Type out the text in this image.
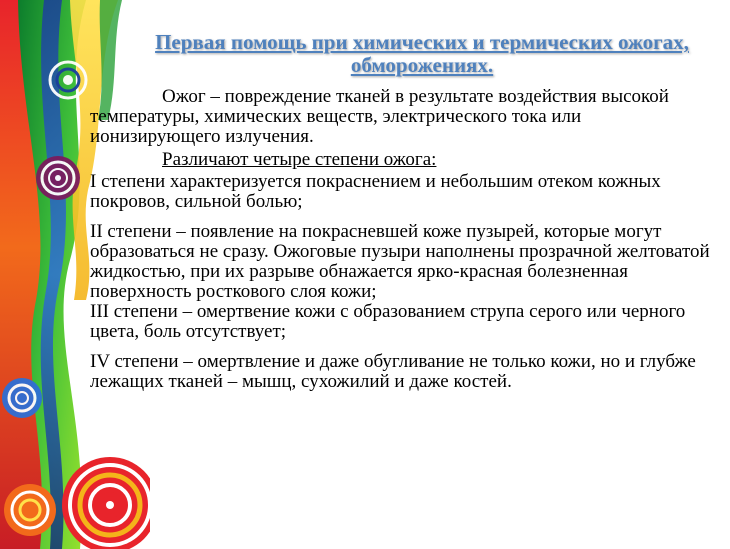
Первая помощь при химических и термических ожогах, обморожениях.

Ожог – повреждение тканей в результате воздействия высокой температуры, химических веществ, электрического тока или ионизирующего излучения.

Различают четыре степени ожога:

I степени характеризуется покраснением и небольшим отеком кожных покровов, сильной болью;

II степени – появление на покрасневшей коже пузырей, которые могут образоваться не сразу. Ожоговые пузыри наполнены прозрачной желтоватой жидкостью, при их разрыве обнажается ярко-красная болезненная поверхность росткового слоя кожи;

III степени – омертвение кожи с образованием струпа серого или черного цвета, боль отсутствует;

IV степени – омертвление и даже обугливание не только кожи, но и глубже лежащих тканей – мышц, сухожилий и даже костей.
